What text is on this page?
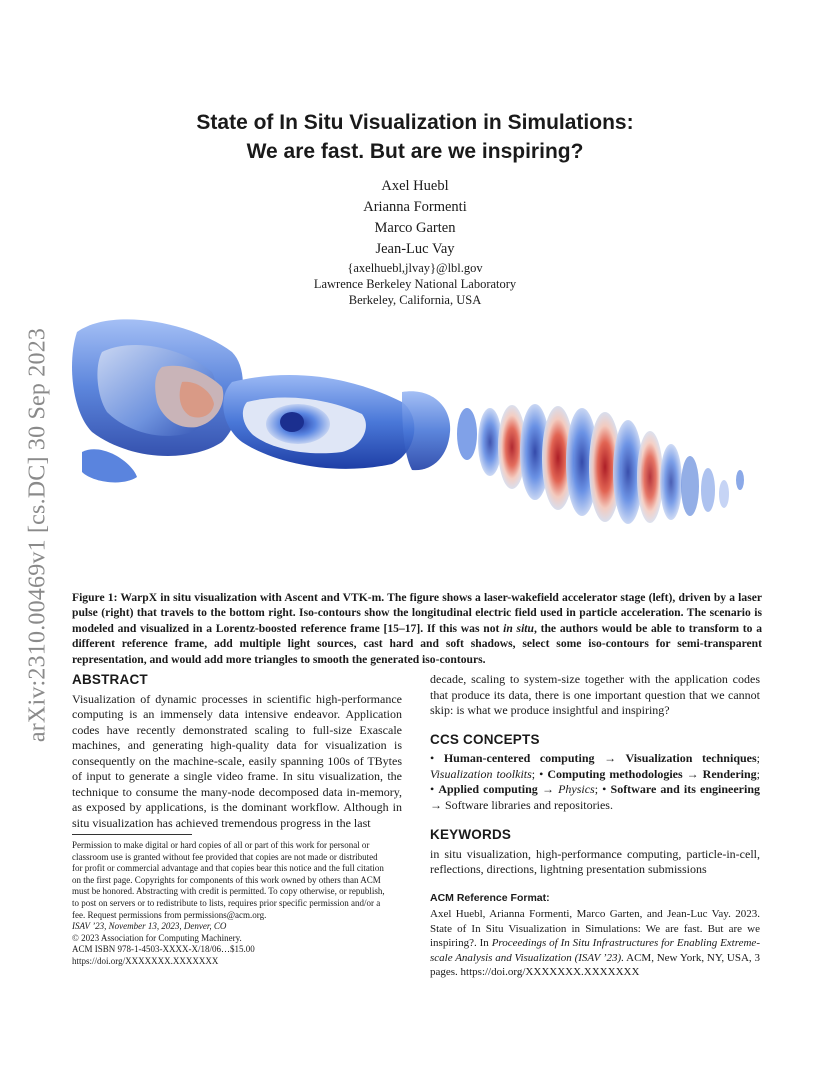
arXiv:2310.00469v1 [cs.DC] 30 Sep 2023
State of In Situ Visualization in Simulations:
We are fast. But are we inspiring?
Axel Huebl
Arianna Formenti
Marco Garten
Jean-Luc Vay
{axelhuebl,jlvay}@lbl.gov
Lawrence Berkeley National Laboratory
Berkeley, California, USA
Figure 1: WarpX in situ visualization with Ascent and VTK-m. The figure shows a laser-wakefield accelerator stage (left), driven by a laser pulse (right) that travels to the bottom right. Iso-contours show the longitudinal electric field used in particle acceleration. The scenario is modeled and visualized in a Lorentz-boosted reference frame [15–17]. If this was not in situ, the authors would be able to transform to a different reference frame, add multiple light sources, cast hard and soft shadows, select some iso-contours for semi-transparent representation, and would add more triangles to smooth the generated iso-contours.
ABSTRACT

Visualization of dynamic processes in scientific high-performance computing is an immensely data intensive endeavor. Application codes have recently demonstrated scaling to full-size Exascale machines, and generating high-quality data for visualization is consequently on the machine-scale, easily spanning 100s of TBytes of input to generate a single video frame. In situ visualization, the technique to consume the many-node decomposed data in-memory, as exposed by applications, is the dominant workflow. Although in situ visualization has achieved tremendous progress in the last

Permission to make digital or hard copies of all or part of this work for personal or
classroom use is granted without fee provided that copies are not made or distributed
for profit or commercial advantage and that copies bear this notice and the full citation
on the first page. Copyrights for components of this work owned by others than ACM
must be honored. Abstracting with credit is permitted. To copy otherwise, or republish,
to post on servers or to redistribute to lists, requires prior specific permission and/or a
fee. Request permissions from permissions@acm.org.
ISAV ’23, November 13, 2023, Denver, CO
© 2023 Association for Computing Machinery.
ACM ISBN 978-1-4503-XXXX-X/18/06…$15.00
https://doi.org/XXXXXXX.XXXXXXX

decade, scaling to system-size together with the application codes that produce its data, there is one important question that we cannot skip: is what we produce insightful and inspiring?

CCS CONCEPTS

• Human-centered computing → Visualization techniques; Visualization toolkits; • Computing methodologies → Rendering; • Applied computing → Physics; • Software and its engineering → Software libraries and repositories.

KEYWORDS

in situ visualization, high-performance computing, particle-in-cell, reflections, directions, lightning presentation submissions

ACM Reference Format:

Axel Huebl, Arianna Formenti, Marco Garten, and Jean-Luc Vay. 2023. State of In Situ Visualization in Simulations: We are fast. But are we inspiring?. In Proceedings of In Situ Infrastructures for Enabling Extreme-scale Analysis and Visualization (ISAV ’23). ACM, New York, NY, USA, 3 pages. https://doi.org/XXXXXXX.XXXXXXX
